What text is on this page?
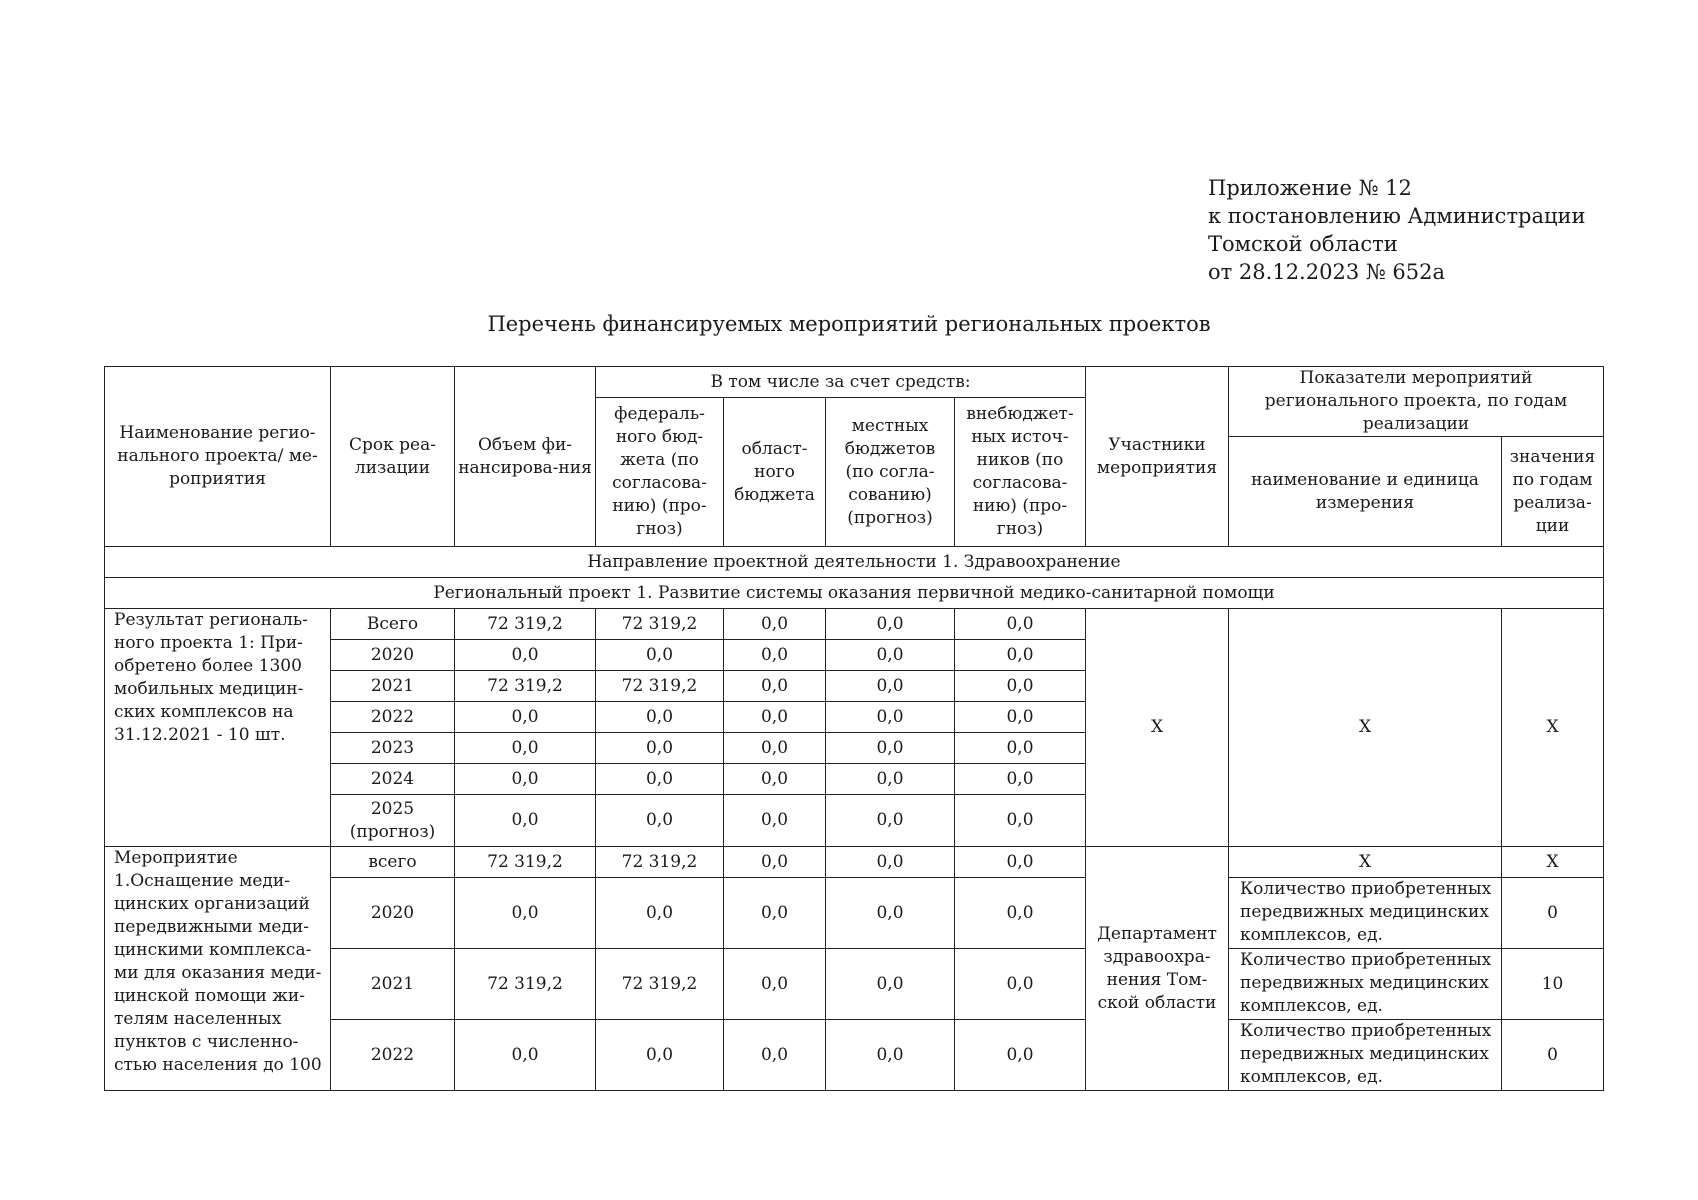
Приложение № 12
к постановлению Администрации
Томской области
от 28.12.2023 № 652а
Перечень финансируемых мероприятий региональных проектов
Наименование регио-нального проекта/ ме-роприятия	Срок реа-лизации	Объем фи-нансирова-ния	В том числе за счет средств:				Участники мероприятия	Показатели мероприятий регионального проекта, по годам реализации	
			федераль-ного бюд-жета (по согласова-нию) (про-гноз)	област-ного бюджета	местных бюджетов (по согла-сованию) (прогноз)	внебюджет-ных источ-ников (по согласова-нию) (про-гноз)			
								наименование и единица измерения	значения по годам реализа-ции
Направление проектной деятельности 1. Здравоохранение									
Региональный проект 1. Развитие системы оказания первичной медико-санитарной помощи									
Результат региональ-ного проекта 1: При-обретено более 1300 мобильных медицин-ских комплексов на 31.12.2021 - 10 шт.	Всего	72 319,2	72 319,2	0,0	0,0	0,0	Х	Х	Х
	2020	0,0	0,0	0,0	0,0	0,0			
	2021	72 319,2	72 319,2	0,0	0,0	0,0			
	2022	0,0	0,0	0,0	0,0	0,0			
	2023	0,0	0,0	0,0	0,0	0,0			
	2024	0,0	0,0	0,0	0,0	0,0			
	2025 (прогноз)	0,0	0,0	0,0	0,0	0,0			
Мероприятие 1.Оснащение меди-цинских организаций передвижными меди-цинскими комплекса-ми для оказания меди-цинской помощи жи-телям населенных пунктов с численно-стью населения до 100	всего	72 319,2	72 319,2	0,0	0,0	0,0	Департамент здравоохра-нения Том-ской области	Х	Х
	2020	0,0	0,0	0,0	0,0	0,0		Количество приобретенных передвижных медицинских комплексов, ед.	0
	2021	72 319,2	72 319,2	0,0	0,0	0,0		Количество приобретенных передвижных медицинских комплексов, ед.	10
	2022	0,0	0,0	0,0	0,0	0,0		Количество приобретенных передвижных медицинских комплексов, ед.	0
